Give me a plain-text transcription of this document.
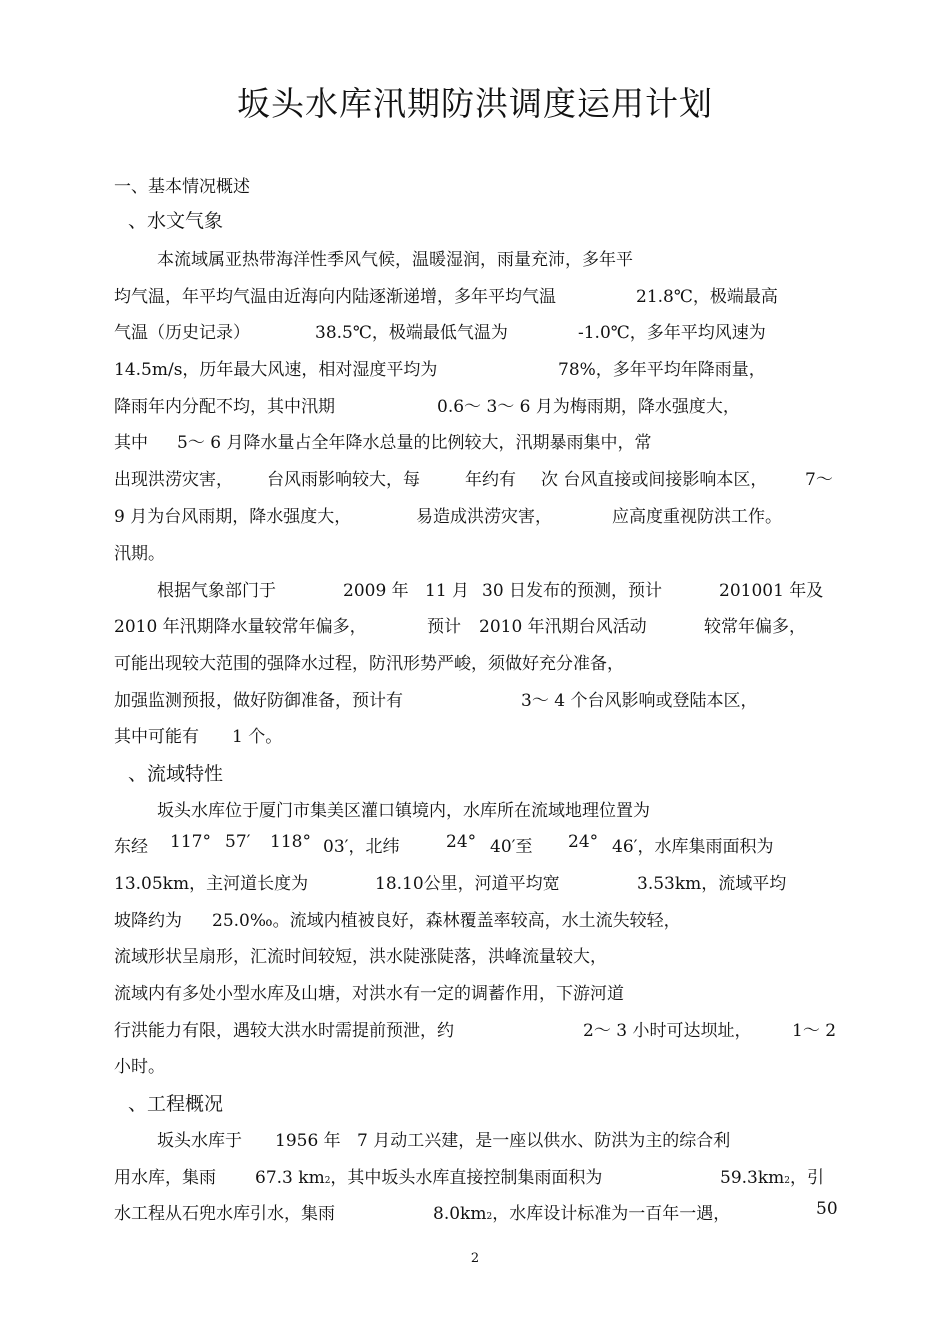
坂头水库汛期防洪调度运用计划
一、基本情况概述
、水文气象
本流域属亚热带海洋性季风气候，温暖湿润，雨量充沛，多年平
均气温，年平均气温由近海向内陆逐渐递增，多年平均气温	21.8℃，极端最高
气温（历史记录）	38.5℃，极端最低气温为	-1.0℃，多年平均风速为
14.5m/s，历年最大风速，相对湿度平均为	78%，多年平均年降雨量，
降雨年内分配不均，其中汛期	0.6～ 3～ 6 月为梅雨期，降水强度大，
其中 5～ 6 月降水量占全年降水总量的比例较大，汛期暴雨集中，常
出现洪涝灾害， 台风雨影响较大，每	年约有 次 台风直接或间接影响本区， 7～
9 月为台风雨期，降水强度大，	易造成洪涝灾害，	应高度重视防洪工作。
汛期。
根据气象部门于	2009 年 11 月 30 日发布的预测，预计	201001 年及
2010 年汛期降水量较常年偏多，	预计 2010 年汛期台风活动	较常年偏多，
可能出现较大范围的强降水过程，防汛形势严峻，须做好充分准备，
加强监测预报，做好防御准备，预计有	3～ 4 个台风影响或登陆本区，
其中可能有 1 个。
、流域特性
坂头水库位于厦门市集美区灌口镇境内，水库所在流域地理位置为
东经 117° 57′ 118° 03′，北纬	24° 40′至 24° 46′，水库集雨面积为
13.05km，主河道长度为	18.10公里，河道平均宽	3.53km，流域平均
坡降约为 25.0‰。流域内植被良好，森林覆盖率较高，水土流失较轻，
流域形状呈扇形，汇流时间较短，洪水陡涨陡落，洪峰流量较大，
流域内有多处小型水库及山塘，对洪水有一定的调蓄作用，下游河道
行洪能力有限，遇较大洪水时需提前预泄，约	2～ 3 小时可达坝址， 1～ 2
小时。
、工程概况
坂头水库于 1956 年 7 月动工兴建，是一座以供水、防洪为主的综合利
用水库，集雨 67.3 km2，其中坂头水库直接控制集雨面积为	59.3km2，引
水工程从石兜水库引水，集雨	8.0km2，水库设计标准为一百年一遇，	50
2
